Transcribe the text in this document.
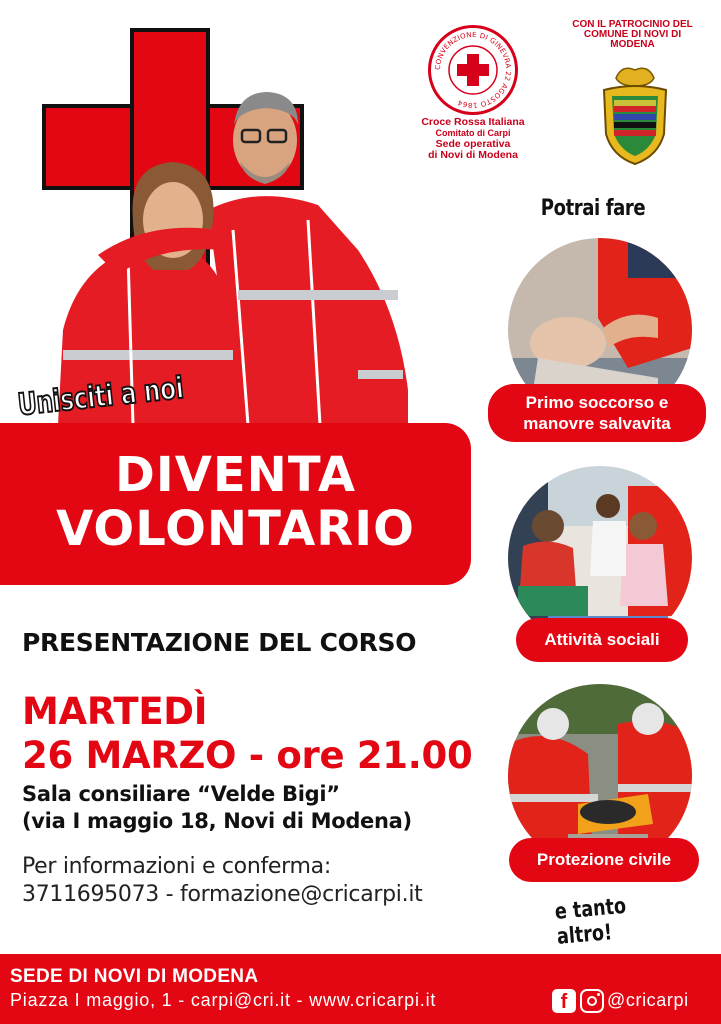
CONVENZIONE DI GINEVRA 22 AGOSTO 1864
Croce Rossa Italiana
Comitato di Carpi
Sede operativa
di Novi di Modena
CON IL PATROCINIO DEL
COMUNE DI NOVI DI
MODENA
Potrai fare
Primo soccorso e
manovre salvavita
Attività sociali
Protezione civile
Unisciti a noi
DIVENTA
VOLONTARIO
PRESENTAZIONE DEL CORSO
MARTEDÌ
26 MARZO - ore 21.00
Sala consiliare “Velde Bigi”
(via I maggio 18, Novi di Modena)
Per informazioni e conferma:
3711695073 - formazione@cricarpi.it	e tanto altro!
SEDE DI NOVI DI MODENA
Piazza I maggio, 1 - carpi@cri.it - www.cricarpi.it	f	@cricarpi
